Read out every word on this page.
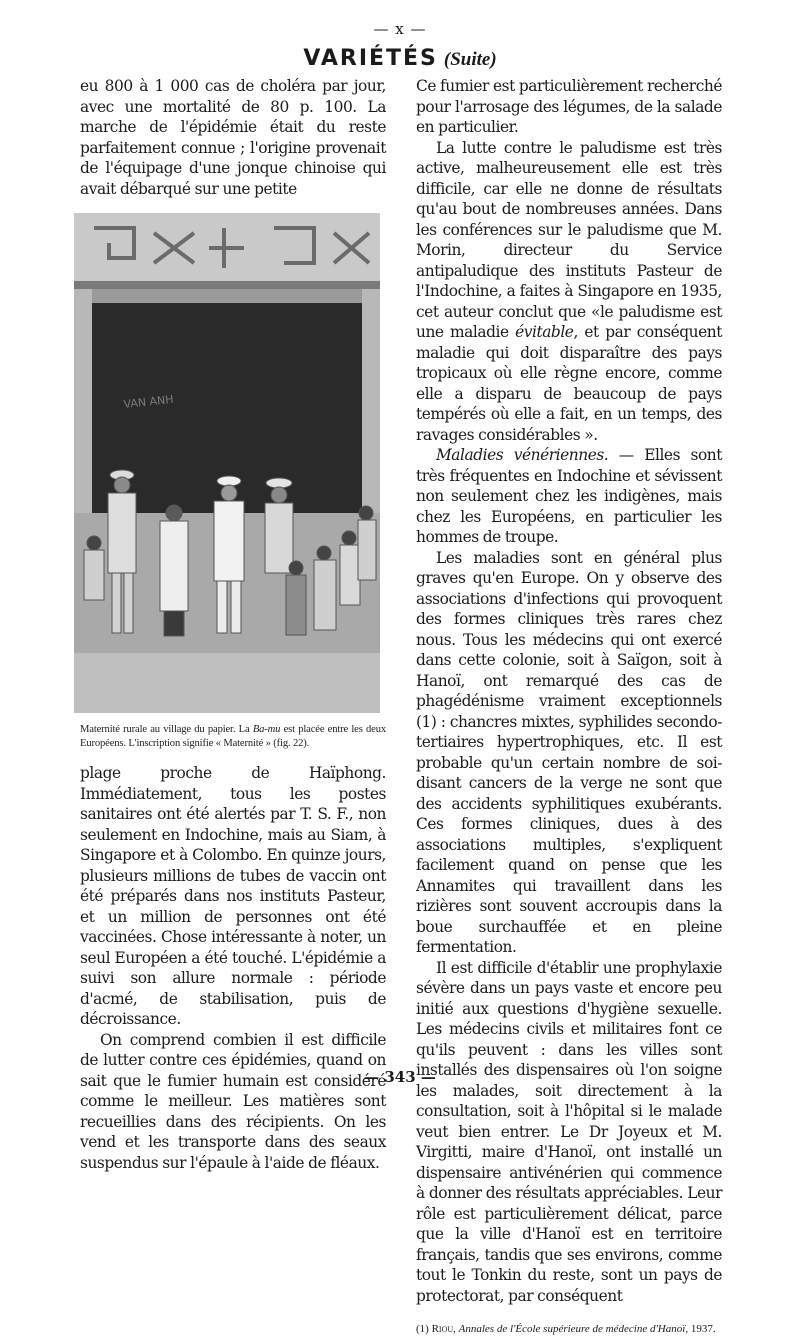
— x —
VARIÉTÉS (Suite)

eu 800 à 1 000 cas de choléra par jour, avec une mortalité de 80 p. 100. La marche de l'épidémie était du reste parfaitement connue ; l'origine provenait de l'équipage d'une jonque chinoise qui avait débarqué sur une petite

VAN ANH
Maternité rurale au village du papier. La Ba-mu est placée entre les deux Européens. L'inscription signifie « Maternité » (fig. 22).

plage proche de Haïphong. Immédiatement, tous les postes sanitaires ont été alertés par T. S. F., non seulement en Indochine, mais au Siam, à Singapore et à Colombo. En quinze jours, plusieurs millions de tubes de vaccin ont été préparés dans nos instituts Pasteur, et un million de personnes ont été vaccinées. Chose intéressante à noter, un seul Européen a été touché. L'épidémie a suivi son allure normale : période d'acmé, de stabilisation, puis de décroissance.

On comprend combien il est difficile de lutter contre ces épidémies, quand on sait que le fumier humain est considéré comme le meilleur. Les matières sont recueillies dans des récipients. On les vend et les transporte dans des seaux suspendus sur l'épaule à l'aide de fléaux.

Ce fumier est particulièrement recherché pour l'arrosage des légumes, de la salade en particulier.

La lutte contre le paludisme est très active, malheureusement elle est très difficile, car elle ne donne de résultats qu'au bout de nombreuses années. Dans les conférences sur le paludisme que M. Morin, directeur du Service antipaludique des instituts Pasteur de l'Indochine, a faites à Singapore en 1935, cet auteur conclut que «le paludisme est une maladie évitable, et par conséquent maladie qui doit disparaître des pays tropicaux où elle règne encore, comme elle a disparu de beaucoup de pays tempérés où elle a fait, en un temps, des ravages considérables ».

Maladies vénériennes. — Elles sont très fréquentes en Indochine et sévissent non seulement chez les indigènes, mais chez les Européens, en particulier les hommes de troupe.

Les maladies sont en général plus graves qu'en Europe. On y observe des associations d'infections qui provoquent des formes cliniques très rares chez nous. Tous les médecins qui ont exercé dans cette colonie, soit à Saïgon, soit à Hanoï, ont remarqué des cas de phagédénisme vraiment exceptionnels (1) : chancres mixtes, syphilides secondo-tertiaires hypertrophiques, etc. Il est probable qu'un certain nombre de soi-disant cancers de la verge ne sont que des accidents syphilitiques exubérants. Ces formes cliniques, dues à des associations multiples, s'expliquent facilement quand on pense que les Annamites qui travaillent dans les rizières sont souvent accroupis dans la boue surchauffée et en pleine fermentation.

Il est difficile d'établir une prophylaxie sévère dans un pays vaste et encore peu initié aux questions d'hygiène sexuelle. Les médecins civils et militaires font ce qu'ils peuvent : dans les villes sont installés des dispensaires où l'on soigne les malades, soit directement à la consultation, soit à l'hôpital si le malade veut bien entrer. Le Dr Joyeux et M. Virgitti, maire d'Hanoï, ont installé un dispensaire antivénérien qui commence à donner des résultats appréciables. Leur rôle est particulièrement délicat, parce que la ville d'Hanoï est en territoire français, tandis que ses environs, comme tout le Tonkin du reste, sont un pays de protectorat, par conséquent

(1) Riou, Annales de l'École supérieure de médecine d'Hanoï, 1937.
— 343 —
